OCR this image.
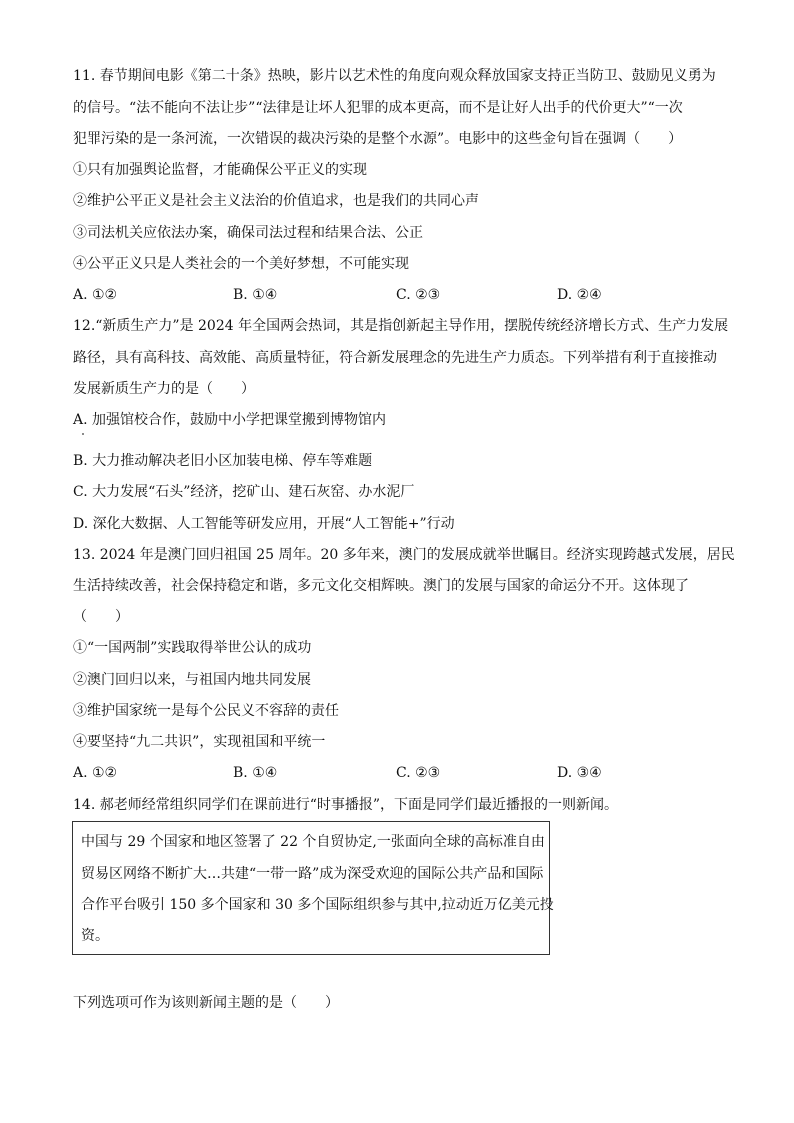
11. 春节期间电影《第二十条》热映，影片以艺术性的角度向观众释放国家支持正当防卫、鼓励见义勇为
的信号。“法不能向不法让步”“法律是让坏人犯罪的成本更高，而不是让好人出手的代价更大”“一次
犯罪污染的是一条河流，一次错误的裁决污染的是整个水源”。电影中的这些金句旨在强调（　　）
①只有加强舆论监督，才能确保公平正义的实现
②维护公平正义是社会主义法治的价值追求，也是我们的共同心声
③司法机关应依法办案，确保司法过程和结果合法、公正
④公平正义只是人类社会的一个美好梦想，不可能实现
A. ①②	B. ①④	C. ②③	D. ②④
12.“新质生产力”是 2024 年全国两会热词，其是指创新起主导作用，摆脱传统经济增长方式、生产力发展
路径，具有高科技、高效能、高质量特征，符合新发展理念的先进生产力质态。下列举措有利于直接推动
发展新质生产力的是（　　）
A. 加强馆校合作，鼓励中小学把课堂搬到博物馆内
B. 大力推动解决老旧小区加装电梯、停车等难题
C. 大力发展“石头”经济，挖矿山、建石灰窑、办水泥厂
D. 深化大数据、人工智能等研发应用，开展“人工智能+”行动
13. 2024 年是澳门回归祖国 25 周年。20 多年来，澳门的发展成就举世瞩目。经济实现跨越式发展，居民
生活持续改善，社会保持稳定和谐，多元文化交相辉映。澳门的发展与国家的命运分不开。这体现了
（　　）
①“一国两制”实践取得举世公认的成功
②澳门回归以来，与祖国内地共同发展
③维护国家统一是每个公民义不容辞的责任
④要坚持“九二共识”，实现祖国和平统一
A. ①②	B. ①④	C. ②③	D. ③④
14. 郝老师经常组织同学们在课前进行“时事播报”，下面是同学们最近播报的一则新闻。
中国与 29 个国家和地区签署了 22 个自贸协定,一张面向全球的高标准自由
贸易区网络不断扩大…共建“一带一路”成为深受欢迎的国际公共产品和国际
合作平台吸引 150 多个国家和 30 多个国际组织参与其中,拉动近万亿美元投
资。
下列选项可作为该则新闻主题的是（　　）
